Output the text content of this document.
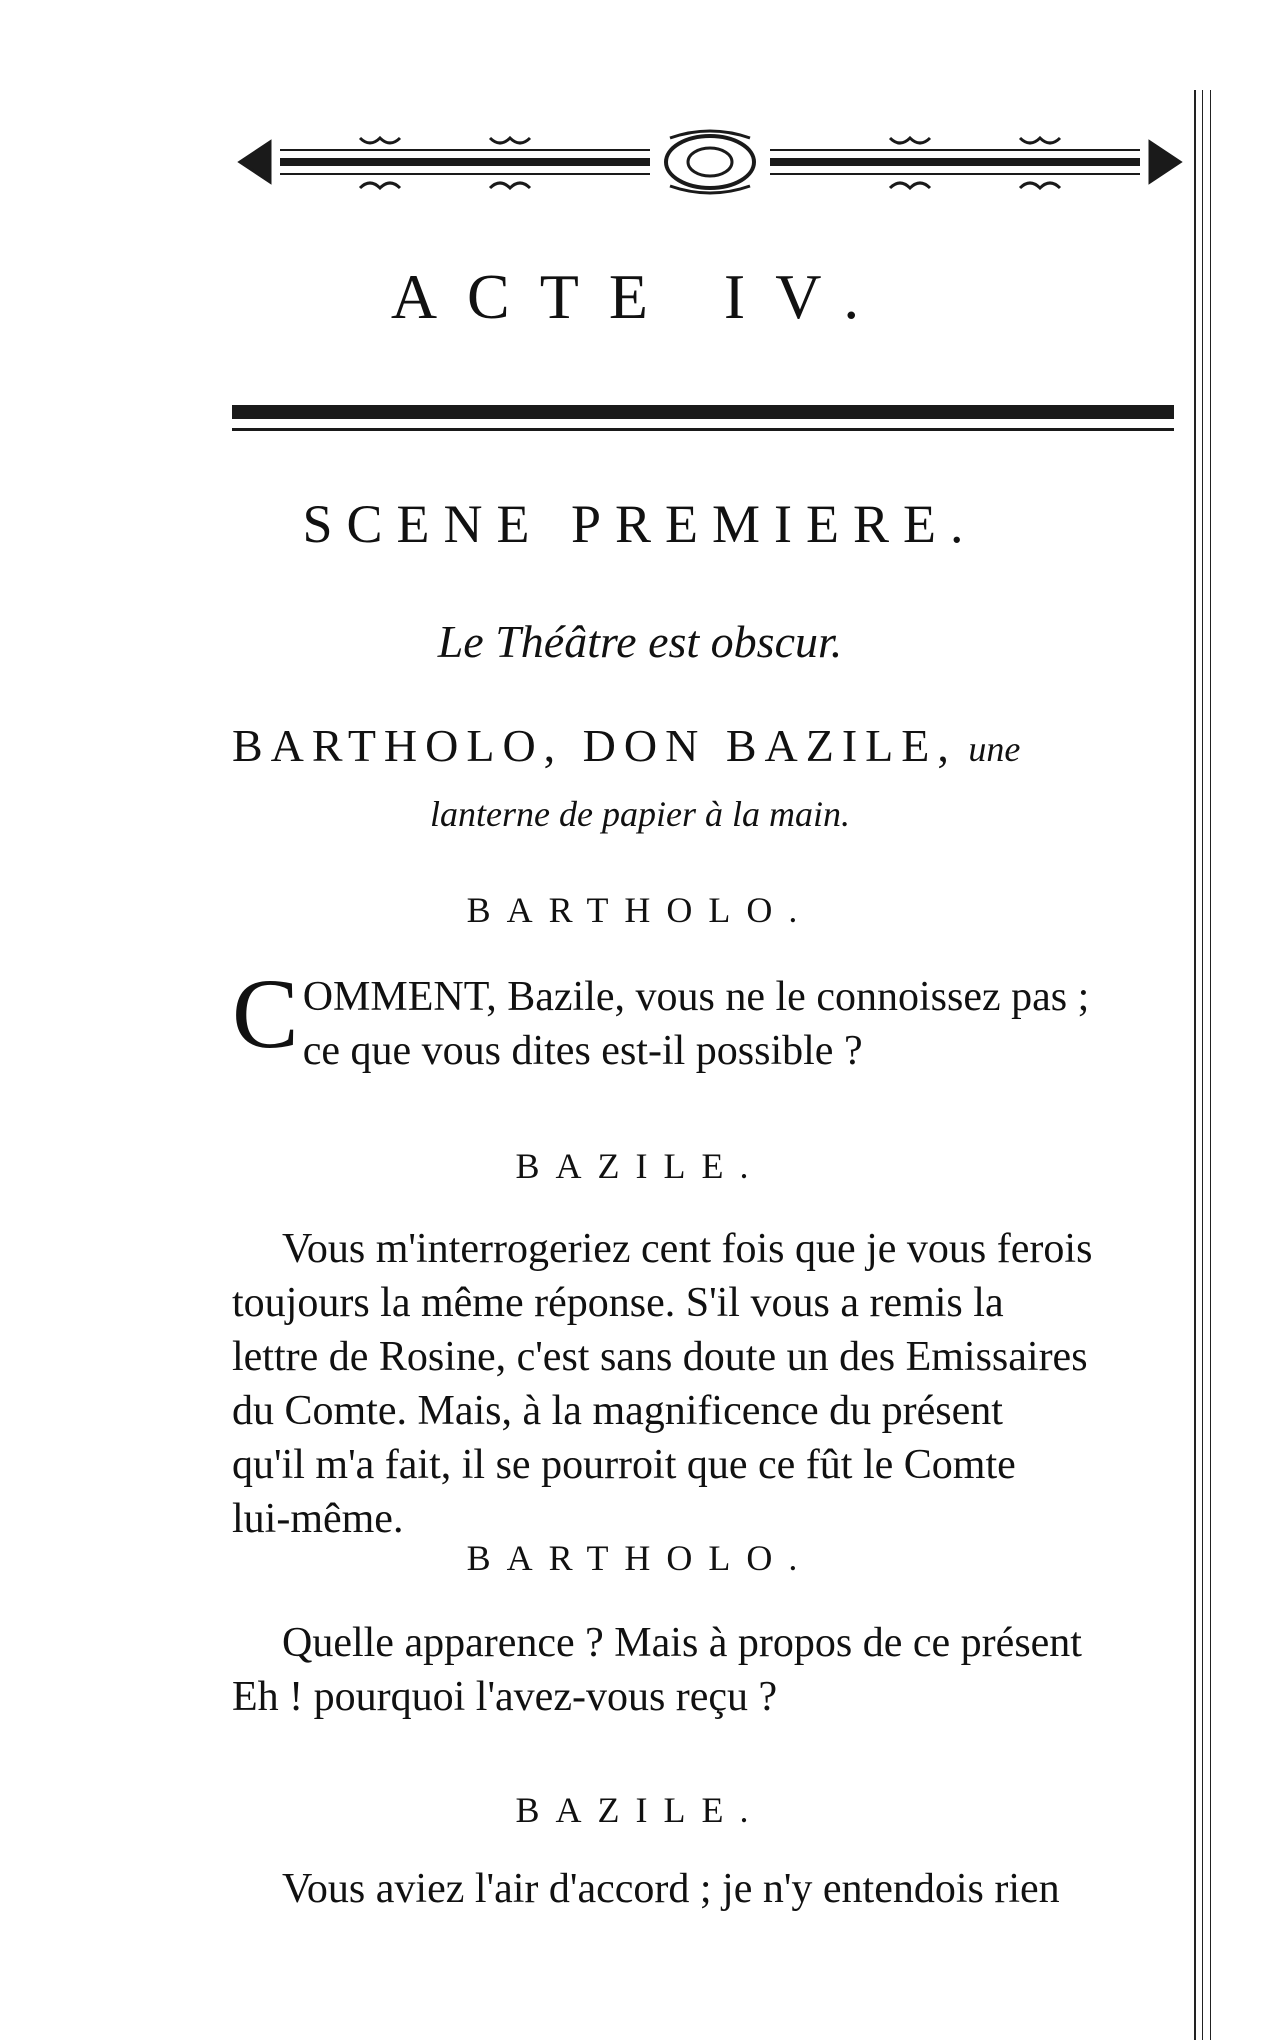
ACTE IV.
SCENE PREMIERE.
Le Théâtre est obscur.
BARTHOLO, DON BAZILE, une
lanterne de papier à la main.
BARTHOLO.
C OMMENT, Bazile, vous ne le connoissez pas ;
ce que vous dites est-il possible ?
BAZILE.
Vous m'interrogeriez cent fois que je vous ferois
toujours la même réponse. S'il vous a remis la
lettre de Rosine, c'est sans doute un des Emissaires
du Comte. Mais, à la magnificence du présent
qu'il m'a fait, il se pourroit que ce fût le Comte
lui-même.
BARTHOLO.
Quelle apparence ? Mais à propos de ce présent
Eh ! pourquoi l'avez-vous reçu ?
BAZILE.
Vous aviez l'air d'accord ; je n'y entendois rien
